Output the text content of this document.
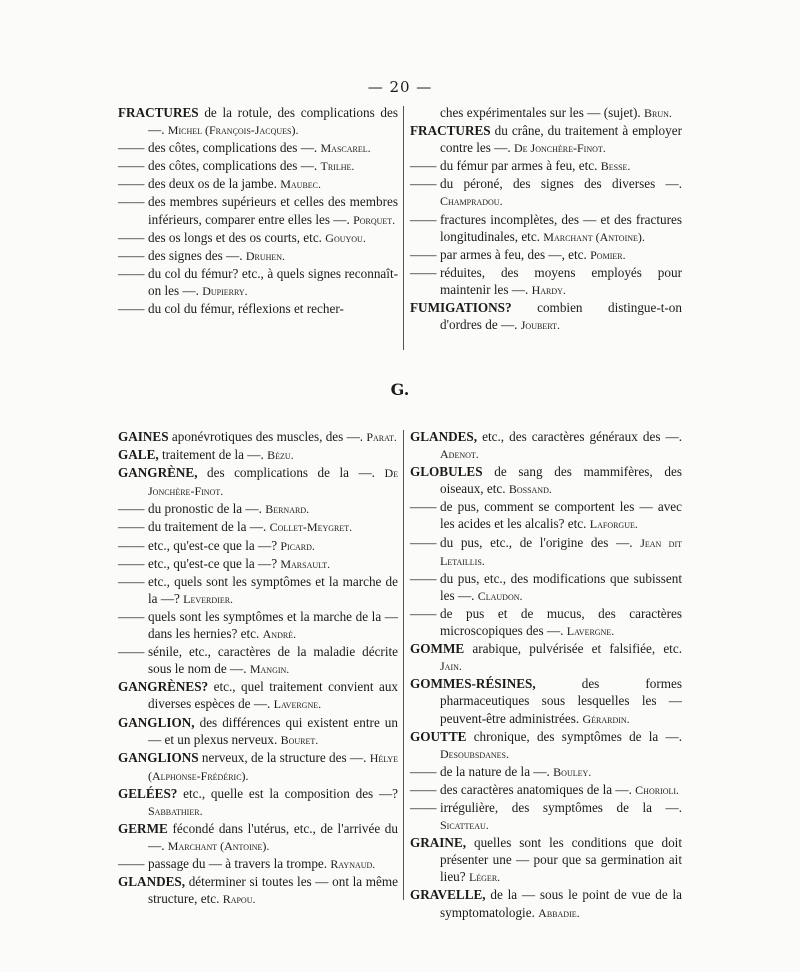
— 20 —

FRACTURES de la rotule, des complications des —. Michel (François-Jacques).

—— des côtes, complications des —. Mascarel.

—— des côtes, complications des —. Trilhe.

—— des deux os de la jambe. Maubec.

—— des membres supérieurs et celles des membres inférieurs, comparer entre elles les —. Porquet.

—— des os longs et des os courts, etc. Gouyou.

—— des signes des —. Druhen.

—— du col du fémur? etc., à quels signes reconnaît-on les —. Dupierry.

—— du col du fémur, réflexions et recher-

ches expérimentales sur les — (sujet). Brun.

FRACTURES du crâne, du traitement à employer contre les —. De Jonchère-Finot.

—— du fémur par armes à feu, etc. Besse.

—— du péroné, des signes des diverses —. Champradou.

—— fractures incomplètes, des — et des fractures longitudinales, etc. Marchant (Antoine).

—— par armes à feu, des —, etc. Pomier.

—— réduites, des moyens employés pour maintenir les —. Hardy.

FUMIGATIONS? combien distingue-t-on d'ordres de —. Joubert.

G.

GAINES aponévrotiques des muscles, des —. Parat.

GALE, traitement de la —. Bézu.

GANGRÈNE, des complications de la —. De Jonchère-Finot.

—— du pronostic de la —. Bernard.

—— du traitement de la —. Collet-Meygret.

—— etc., qu'est-ce que la —? Picard.

—— etc., qu'est-ce que la —? Marsault.

—— etc., quels sont les symptômes et la marche de la —? Leverdier.

—— quels sont les symptômes et la marche de la — dans les hernies? etc. André.

—— sénile, etc., caractères de la maladie décrite sous le nom de —. Mangin.

GANGRÈNES? etc., quel traitement convient aux diverses espèces de —. Lavergne.

GANGLION, des différences qui existent entre un — et un plexus nerveux. Bouret.

GANGLIONS nerveux, de la structure des —. Hélye (Alphonse-Frédéric).

GELÉES? etc., quelle est la composition des —? Sabbathier.

GERME fécondé dans l'utérus, etc., de l'arrivée du —. Marchant (Antoine).

—— passage du — à travers la trompe. Raynaud.

GLANDES, déterminer si toutes les — ont la même structure, etc. Rapou.

GLANDES, etc., des caractères généraux des —. Adenot.

GLOBULES de sang des mammifères, des oiseaux, etc. Bossand.

—— de pus, comment se comportent les — avec les acides et les alcalis? etc. Laforgue.

—— du pus, etc., de l'origine des —. Jean dit Letaillis.

—— du pus, etc., des modifications que subissent les —. Claudon.

—— de pus et de mucus, des caractères microscopiques des —. Lavergne.

GOMME arabique, pulvérisée et falsifiée, etc. Jain.

GOMMES-RÉSINES,	des formes pharmaceutiques sous lesquelles les — peuvent-être administrées. Gérardin.

GOUTTE chronique, des symptômes de la —. Desoubsdanes.

—— de la nature de la —. Bouley.

—— des caractères anatomiques de la —. Chorioli.

—— irrégulière, des symptômes de la —. Sicatteau.

GRAINE, quelles sont les conditions que doit présenter une — pour que sa germination ait lieu? Léger.

GRAVELLE, de la — sous le point de vue de la symptomatologie. Abbadie.
